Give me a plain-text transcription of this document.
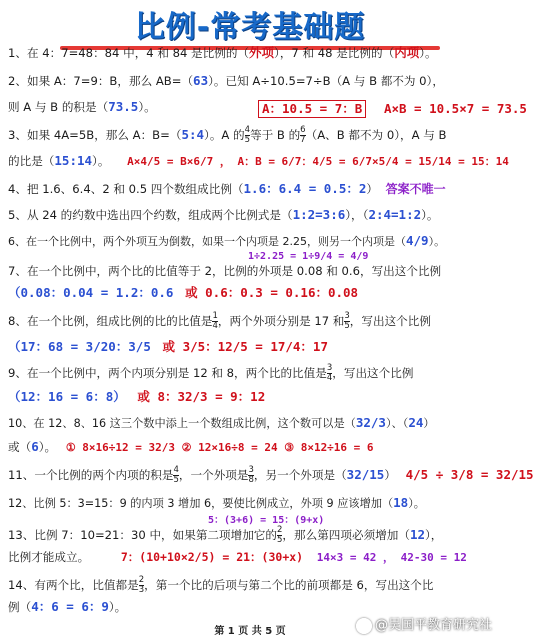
比例-常考基础题
1、在 4：7=48：84 中，4 和 84 是比例的（外项），7 和 48 是比例的（内项）。
2、如果 A：7=9：B，那么 AB=（63）。已知 A÷10.5=7÷B（A 与 B 都不为 0），
则 A 与 B 的积是（73.5）。	A：10.5 = 7：B A×B = 10.5×7 = 73.5
3、如果 4A=5B，那么 A：B=（5:4）。A 的 $\frac{4}{5}$ 等于 B 的 $\frac{6}{7} (A$、B 都不为 0），A 与 B
的比是（15:14）。 A×4/5 = B×6/7 ， A：B = 6/7：4/5 = 6/7×5/4 = 15/14 = 15：14
4、把 1.6、6.4、2 和 0.5 四个数组成比例（1.6：6.4 = 0.5：2） 答案不唯一
5、从 24 的约数中选出四个约数，组成两个比例式是（1:2=3:6），（2:4=1:2）。
6、在一个比例中，两个外项互为倒数，如果一个内项是 2.25，则另一个内项是（4/9）。
1÷2.25 = 1÷9/4 = 4/9
7、在一个比例中，两个比的比值等于 2，比例的外项是 0.08 和 0.6，写出这个比例
（0.08：0.04 = 1.2：0.6 或 0.6：0.3 = 0.16：0.08
8、在一个比例，组成比例的比的比值是 $\frac{1}{4}$ ，两个外项分别是 17 和 $\frac{3}{5}$ ，写出这个比例
（17：68 = 3/20：3/5 或 3/5：12/5 = 17/4：17
9、在一个比例中，两个内项分别是 12 和 8，两个比的比值是 $\frac{3}{4}$ ，写出这个比例
（12：16 = 6：8） 或 8：32/3 = 9：12
10、在 12、8、16 这三个数中添上一个数组成比例，这个数可以是（32/3）、（24）
或（6）。 ① 8×16÷12 = 32/3 ② 12×16÷8 = 24 ③ 8×12÷16 = 6
11、一个比例的两个内项的积是 $\frac{4}{5}$ ，一个外项是 $\frac{3}{8}$ ，另一个外项是（32/15） 4/5 ÷ 3/8 = 32/15
12、比例 5：3=15：9 的内项 3 增加 6，要使比例成立，外项 9 应该增加（18）。
5：(3+6) = 15：(9+x)
13、比例 7：10=21：30 中，如果第二项增加它的 $\frac{2}{5}$ ，那么第四项必须增加（12），
比例才能成立。	7：(10+10×2/5) = 21：(30+x) 14×3 = 42 ， 42-30 = 12
14、有两个比，比值都是 $\frac{2}{3}$ ，第一个比的后项与第二个比的前项都是 6，写出这个比
例（4：6 = 6：9）。
第 1 页 共 5 页	@吴国平教育研究社
